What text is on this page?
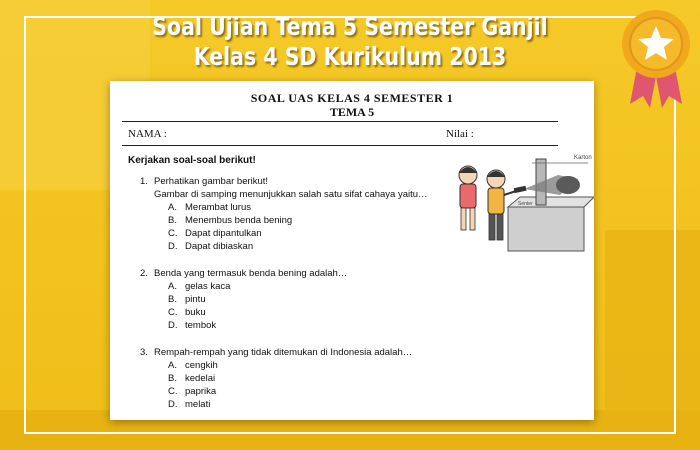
Soal Ujian Tema 5 Semester Ganjil
Kelas 4 SD Kurikulum 2013
SOAL UAS KELAS 4 SEMESTER 1
TEMA 5
NAMA :	Nilai :
Kerjakan soal-soal berikut!
1. Perhatikan gambar berikut!
Gambar di samping menunjukkan salah satu sifat cahaya yaitu…
A. Merambat lurus
B. Menembus benda bening
C. Dapat dipantulkan
D. Dapat dibiaskan
2. Benda yang termasuk benda bening adalah…
A. gelas kaca
B. pintu
C. buku
D. tembok
3. Rempah-rempah yang tidak ditemukan di Indonesia adalah…
A. cengkih
B. kedelai
C. paprika
D. melati
Karton
Senter
